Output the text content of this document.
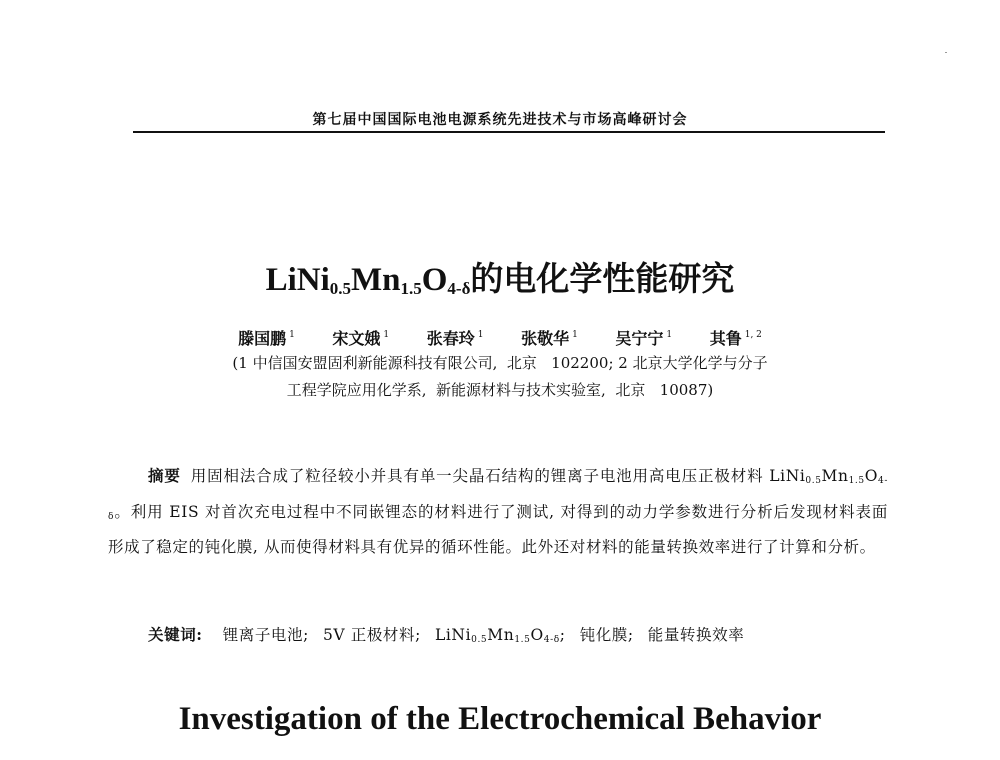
第七届中国国际电池电源系统先进技术与市场高峰研讨会
$LiNi_{0.5}Mn_{1.5}O_{4-\delta}$的电化学性能研究
滕国鹏 $^1$ 宋文娥 $^1$ 张春玲 $^1$ 张敬华 $^1$ 吴宁宁 $^1$ 其鲁 $^{1, 2}$
(1 中信国安盟固利新能源科技有限公司,  北京   102200; 2 北京大学化学与分子
工程学院应用化学系,  新能源材料与技术实验室,  北京   10087)
摘要 用固相法合成了粒径较小并具有单一尖晶石结构的锂离子电池用高电压正极材料 $LiNi_{0.5}Mn_{1.5}O_{4-\delta}$。利用 EIS 对首次充电过程中不同嵌锂态的材料进行了测试, 对得到的动力学参数进行分析后发现材料表面形成了稳定的钝化膜, 从而使得材料具有优异的循环性能。此外还对材料的能量转换效率进行了计算和分析。
关键词: 锂离子电池; 5V 正极材料; $LiNi_{0.5}Mn_{1.5}O_{4-\delta}$; 钝化膜; 能量转换效率
Investigation of the Electrochemical Behavior
